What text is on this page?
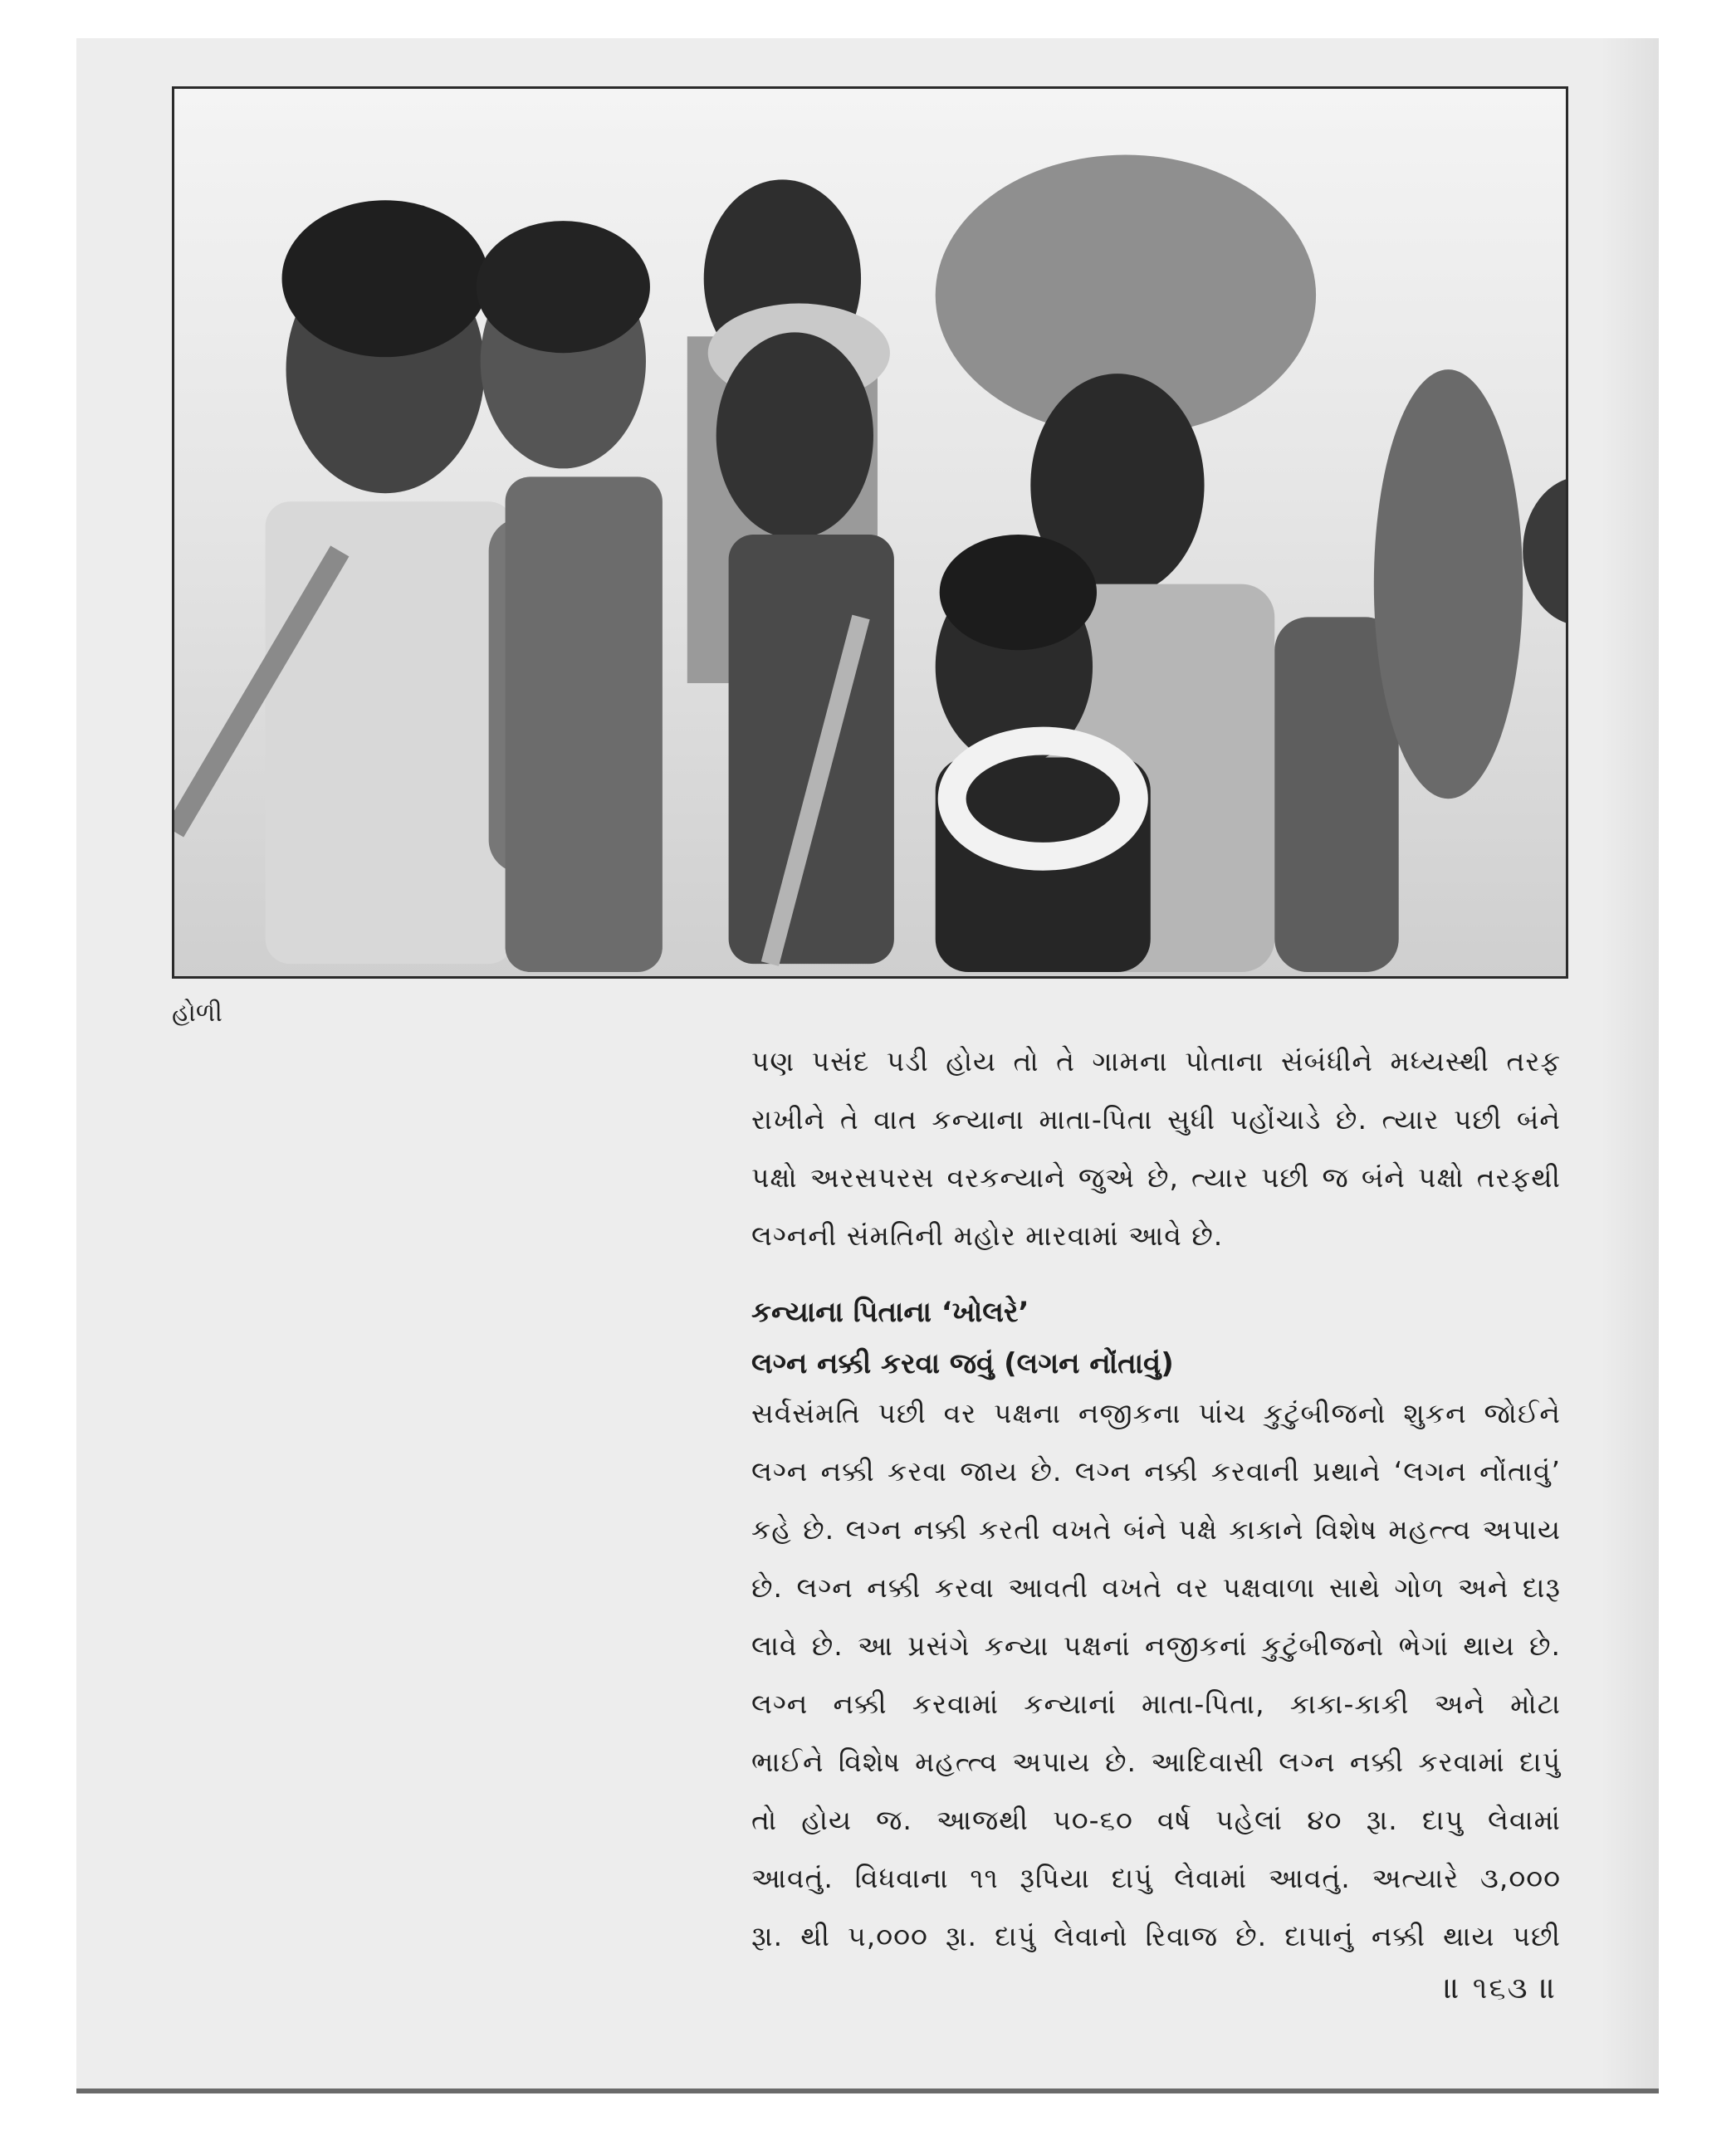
હોળી
પણ પસંદ પડી હોય તો તે ગામના પોતાના સંબંધીને મધ્યસ્થી તરફ
રાખીને તે વાત કન્યાના માતા-પિતા સુધી પહોંચાડે છે. ત્યાર પછી બંને
પક્ષો અરસપરસ વરકન્યાને જુએ છે, ત્યાર પછી જ બંને પક્ષો તરફથી
લગ્નની સંમતિની મહોર મારવામાં આવે છે.
કન્યાના પિતાના ‘ખોલરે’
લગ્ન નક્કી કરવા જવું (લગન નોંતાવું)
સર્વસંમતિ પછી વર પક્ષના નજીકના પાંચ કુટુંબીજનો શુકન જોઈને
લગ્ન નક્કી કરવા જાય છે. લગ્ન નક્કી કરવાની પ્રથાને ‘લગન નોંતાવું’
કહે છે. લગ્ન નક્કી કરતી વખતે બંને પક્ષે કાકાને વિશેષ મહત્ત્વ અપાય
છે. લગ્ન નક્કી કરવા આવતી વખતે વર પક્ષવાળા સાથે ગોળ અને દારૂ
લાવે છે. આ પ્રસંગે કન્યા પક્ષનાં નજીકનાં કુટુંબીજનો ભેગાં થાય છે.
લગ્ન નક્કી કરવામાં કન્યાનાં માતા-પિતા, કાકા-કાકી અને મોટા
ભાઈને વિશેષ મહત્ત્વ અપાય છે. આદિવાસી લગ્ન નક્કી કરવામાં દાપું
તો હોય જ. આજથી ૫૦-૬૦ વર્ષ પહેલાં ૪૦ રૂા. દાપુ લેવામાં
આવતું. વિધવાના ૧૧ રૂપિયા દાપું લેવામાં આવતું. અત્યારે ૩,૦૦૦
રૂા. થી ૫,૦૦૦ રૂા. દાપું લેવાનો રિવાજ છે. દાપાનું નક્કી થાય પછી
॥ ૧૬૩ ॥
